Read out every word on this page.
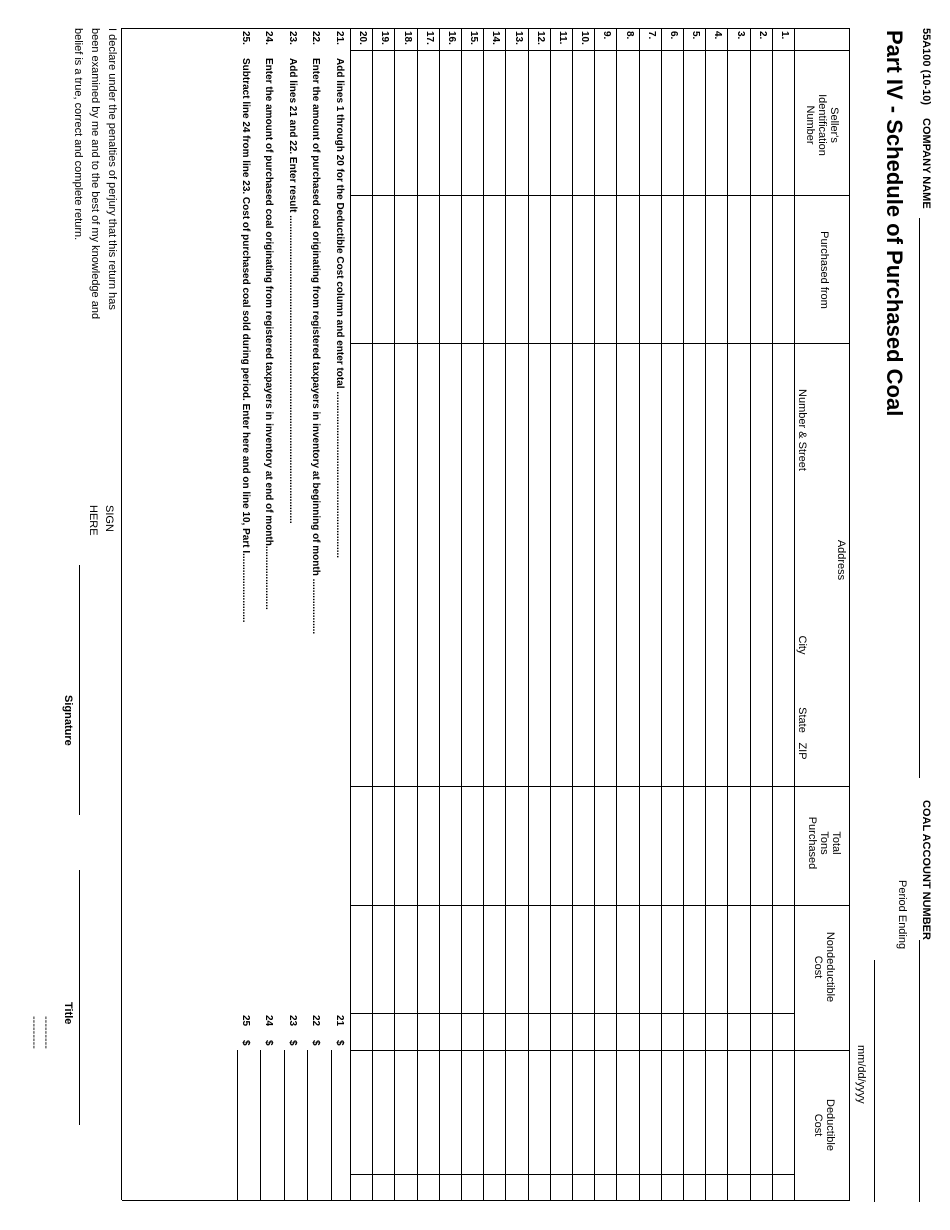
55A100 (10-10)
COMPANY NAME
COAL ACCOUNT NUMBER
Period Ending
mm/dd/yyyy
Part IV - Schedule of Purchased Coal
Seller's
Identification
Number
Purchased from
Address
Number & Street
City
State
ZIP
Total
Tons
Purchased
Nondeductible
Cost
Deductible
Cost
1.
2.
3.
4.
5.
6.
7.
8.
9.
10.
11.
12.
13.
14.
15.
16.
17.
18.
19.
20.
21.
Add lines 1 through 20 for the Deductible Cost column and enter total ............................................................
21
$
22.
Enter the amount of purchased coal originating from registered taxpayers in inventory at beginning of month ....................
22
$
23.
Add lines 21 and 22. Enter result ...............................................................................................................
23
$
24.
Enter the amount of purchased coal originating from registered taxpayers in inventory at end of month.......................
24
$
25.
Subtract line 24 from line 23. Cost of purchased coal sold during period. Enter here and on line 10, Part I.........................
25
$
I declare under the penalties of perjury that this return has been examined by me and to the best of my knowledge and belief is a true, correct and complete return.
SIGN
HERE
Signature
Title
---------
---------
